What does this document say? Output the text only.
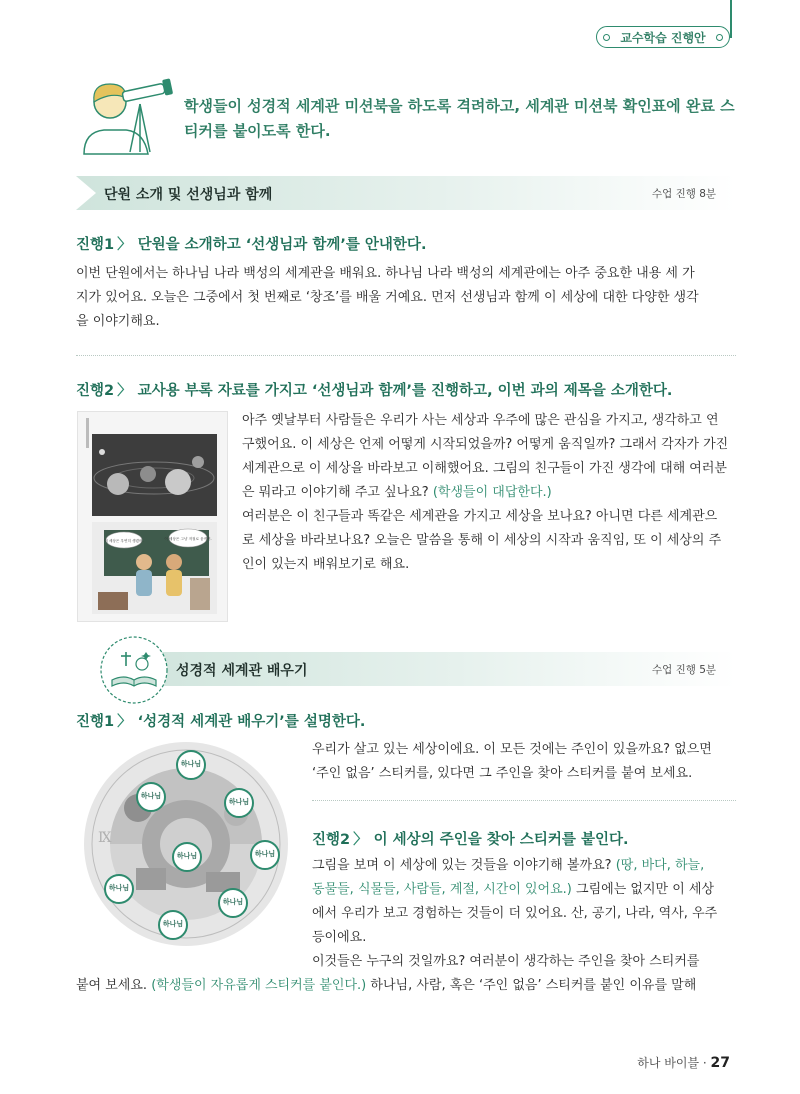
교수학습 진행안
학생들이 성경적 세계관 미션북을 하도록 격려하고, 세계관 미션북 확인표에 완료 스
티커를 붙이도록 한다.
단원 소개 및 선생님과 함께	수업 진행 8분
진행1 〉 단원을 소개하고 ‘선생님과 함께’를 안내한다.
이번 단원에서는 하나님 나라 백성의 세계관을 배워요. 하나님 나라 백성의 세계관에는 아주 중요한 내용 세 가
지가 있어요. 오늘은 그중에서 첫 번째로 ‘창조’를 배울 거예요. 먼저 선생님과 함께 이 세상에 대한 다양한 생각
을 이야기해요.
진행2 〉 교사용 부록 자료를 가지고 ‘선생님과 함께’를 진행하고, 이번 과의 제목을 소개한다.
이 세상은 우연히 생겼어.	이 세상은 그냥 저절로 움직여.
아주 옛날부터 사람들은 우리가 사는 세상과 우주에 많은 관심을 가지고, 생각하고 연
구했어요. 이 세상은 언제 어떻게 시작되었을까? 어떻게 움직일까? 그래서 각자가 가진
세계관으로 이 세상을 바라보고 이해했어요. 그림의 친구들이 가진 생각에 대해 여러분
은 뭐라고 이야기해 주고 싶나요? (학생들이 대답한다.)
여러분은 이 친구들과 똑같은 세계관을 가지고 세상을 보나요? 아니면 다른 세계관으
로 세상을 바라보나요? 오늘은 말씀을 통해 이 세상의 시작과 움직임, 또 이 세상의 주
인이 있는지 배워보기로 해요.
성경적 세계관 배우기	수업 진행 5분
진행1 〉 ‘성경적 세계관 배우기’를 설명한다.
Ⅸ
하나님
하나님
하나님
하나님	하나님
하나님
하나님
하나님
우리가 살고 있는 세상이에요. 이 모든 것에는 주인이 있을까요? 없으면
‘주인 없음’ 스티커를, 있다면 그 주인을 찾아 스티커를 붙여 보세요.
진행2 〉 이 세상의 주인을 찾아 스티커를 붙인다.
그림을 보며 이 세상에 있는 것들을 이야기해 볼까요? (땅, 바다, 하늘,
동물들, 식물들, 사람들, 계절, 시간이 있어요.) 그림에는 없지만 이 세상
에서 우리가 보고 경험하는 것들이 더 있어요. 산, 공기, 나라, 역사, 우주
등이에요.
이것들은 누구의 것일까요? 여러분이 생각하는 주인을 찾아 스티커를
붙여 보세요. (학생들이 자유롭게 스티커를 붙인다.) 하나님, 사람, 혹은 ‘주인 없음’ 스티커를 붙인 이유를 말해
하나 바이블 · 27
